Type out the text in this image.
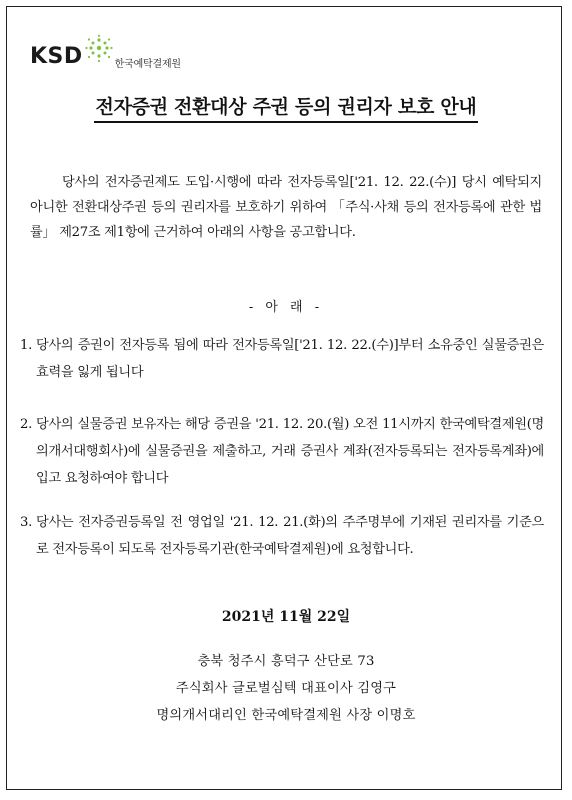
KSD	한국예탁결제원
전자증권 전환대상 주권 등의 권리자 보호 안내
당사의 전자증권제도 도입·시행에 따라 전자등록일['21. 12. 22.(수)] 당시 예탁되지 아니한 전환대상주권 등의 권리자를 보호하기 위하여 「주식·사채 등의 전자등록에 관한 법률」 제27조 제1항에 근거하여 아래의 사항을 공고합니다.
- 아 래 -
1. 당사의 증권이 전자등록 됨에 따라 전자등록일['21. 12. 22.(수)]부터 소유중인 실물증권은 효력을 잃게 됩니다
2. 당사의 실물증권 보유자는 해당 증권을 '21. 12. 20.(월) 오전 11시까지 한국예탁결제원(명의개서대행회사)에 실물증권을 제출하고, 거래 증권사 계좌(전자등록되는 전자등록계좌)에 입고 요청하여야 합니다
3. 당사는 전자증권등록일 전 영업일 '21. 12. 21.(화)의 주주명부에 기재된 권리자를 기준으로 전자등록이 되도록 전자등록기관(한국예탁결제원)에 요청합니다.
2021년 11월 22일
충북 청주시 흥덕구 산단로 73
주식회사 글로벌심텍 대표이사 김영구
명의개서대리인 한국예탁결제원 사장 이명호
